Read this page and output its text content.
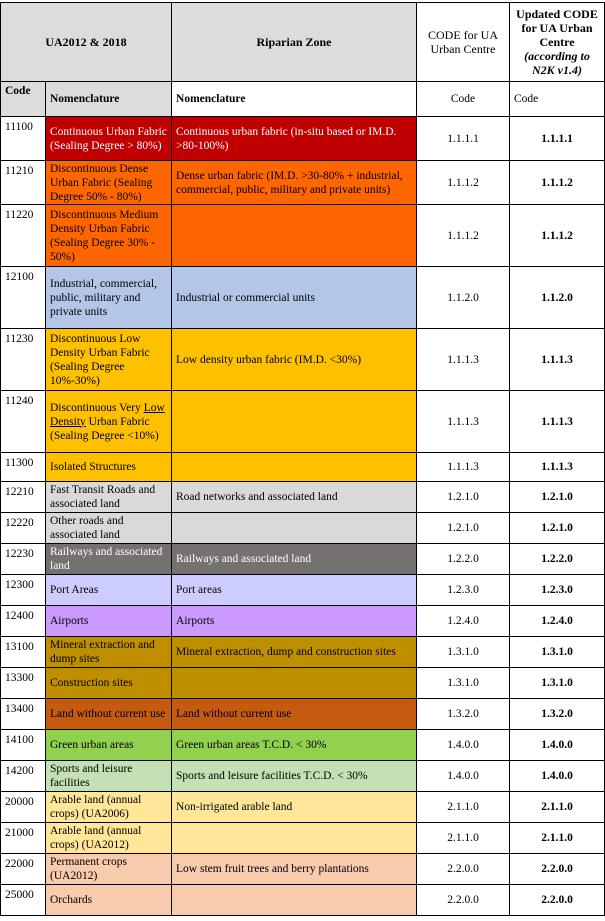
UA2012 & 2018		Riparian Zone	CODE for UA Urban Centre	Updated CODE for UA Urban Centre
(according to N2K v1.4)

Code	Nomenclature	Nomenclature	Code	Code
11100	Continuous Urban Fabric (Sealing Degree > 80%)	Continuous urban fabric (in-situ based or IM.D. >80-100%)	1.1.1.1	1.1.1.1
11210	Discontinuous Dense Urban Fabric (Sealing Degree 50% - 80%)	Dense urban fabric (IM.D. >30-80% + industrial, commercial, public, military and private units)	1.1.1.2	1.1.1.2
11220	Discontinuous Medium Density Urban Fabric (Sealing Degree 30% - 50%)		1.1.1.2	1.1.1.2
12100	Industrial, commercial, public, military and private units	Industrial or commercial units	1.1.2.0	1.1.2.0
11230	Discontinuous Low Density Urban Fabric (Sealing Degree 10%-30%)	Low density urban fabric (IM.D. <30%)	1.1.1.3	1.1.1.3
11240	Discontinuous Very Low Density Urban Fabric (Sealing Degree <10%)		1.1.1.3	1.1.1.3
11300	Isolated Structures		1.1.1.3	1.1.1.3
12210	Fast Transit Roads and associated land	Road networks and associated land	1.2.1.0	1.2.1.0
12220	Other roads and associated land		1.2.1.0	1.2.1.0
12230	Railways and associated land	Railways and associated land	1.2.2.0	1.2.2.0
12300	Port Areas	Port areas	1.2.3.0	1.2.3.0
12400	Airports	Airports	1.2.4.0	1.2.4.0
13100	Mineral extraction and dump sites	Mineral extraction, dump and construction sites	1.3.1.0	1.3.1.0
13300	Construction sites		1.3.1.0	1.3.1.0
13400	Land without current use	Land without current use	1.3.2.0	1.3.2.0
14100	Green urban areas	Green urban areas T.C.D. < 30%	1.4.0.0	1.4.0.0
14200	Sports and leisure facilities	Sports and leisure facilities T.C.D. < 30%	1.4.0.0	1.4.0.0
20000	Arable land (annual crops) (UA2006)	Non-irrigated arable land	2.1.1.0	2.1.1.0
21000	Arable land (annual crops) (UA2012)		2.1.1.0	2.1.1.0
22000	Permanent crops (UA2012)	Low stem fruit trees and berry plantations	2.2.0.0	2.2.0.0
25000	Orchards		2.2.0.0	2.2.0.0
